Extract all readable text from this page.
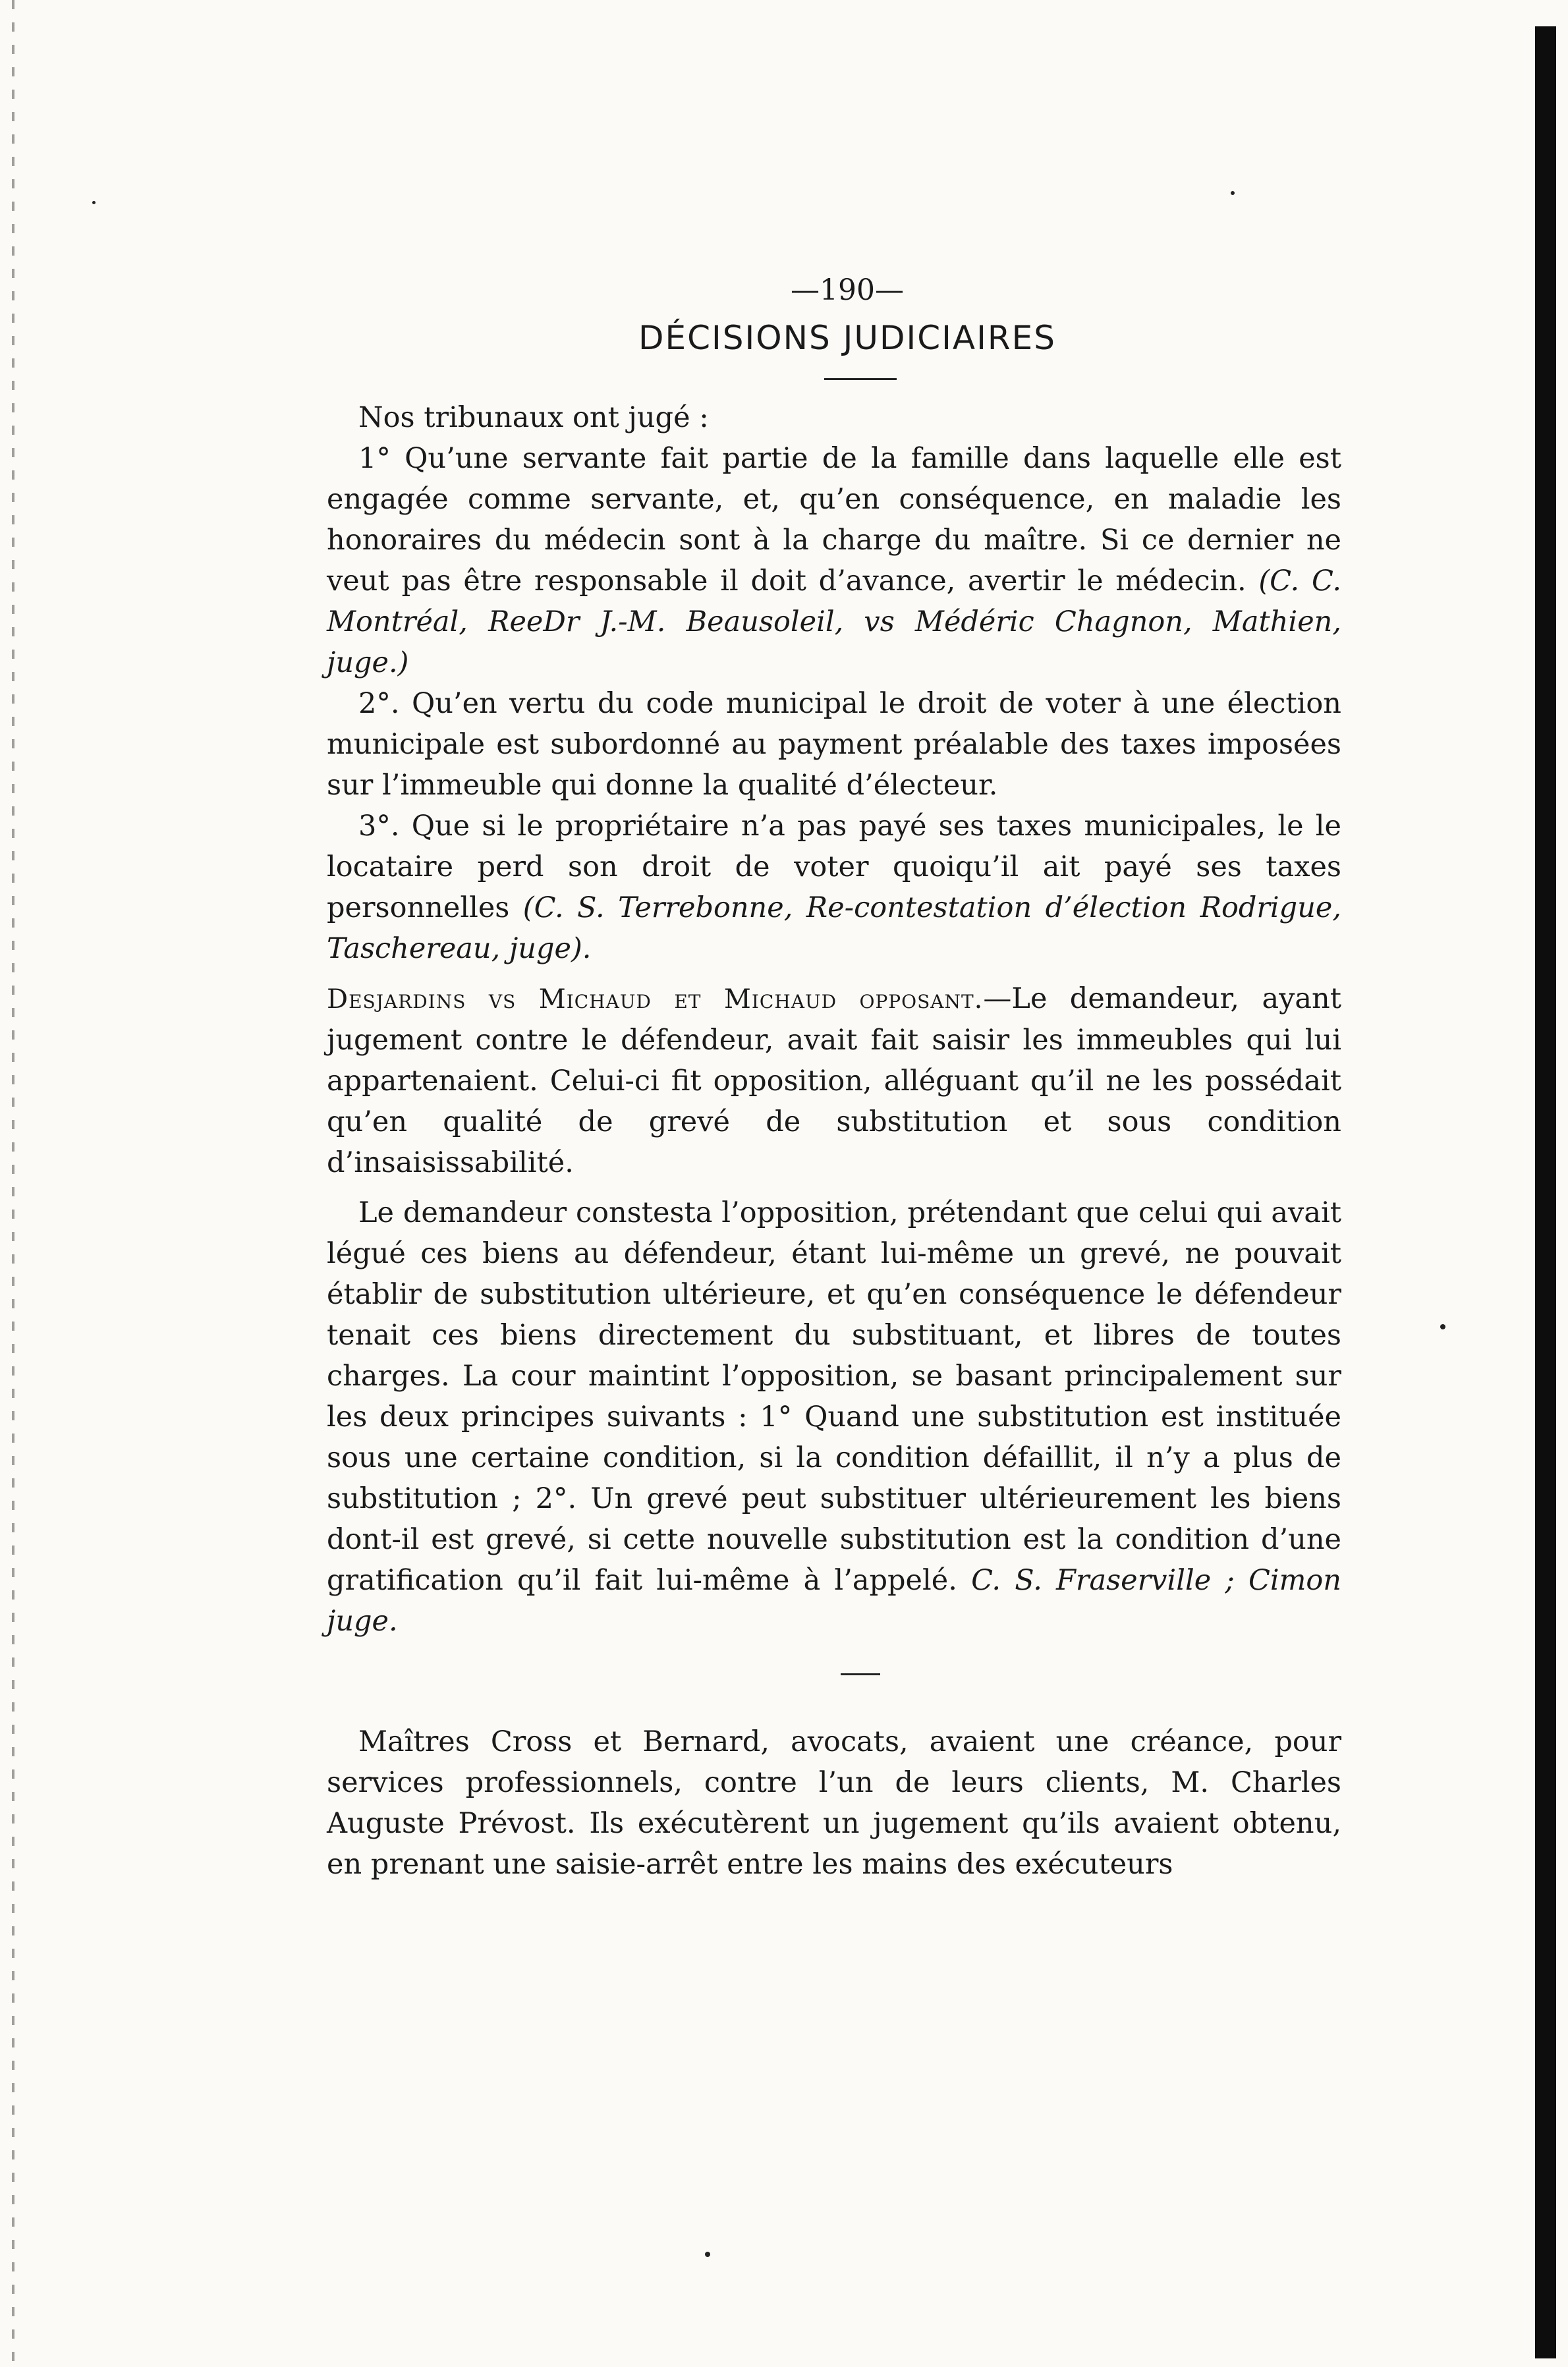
—190—
DÉCISIONS JUDICIAIRES

Nos tribunaux ont jugé :

1° Qu’une servante fait partie de la famille dans laquelle elle est engagée comme servante, et, qu’en conséquence, en maladie les honoraires du médecin sont à la charge du maître. Si ce dernier ne veut pas être responsable il doit d’avance, avertir le médecin. (C. C. Montréal, ReeDr J.-M. Beausoleil, vs Médéric Chagnon, Mathien, juge.)

2°. Qu’en vertu du code municipal le droit de voter à une élection municipale est subordonné au payment préalable des taxes imposées sur l’immeuble qui donne la qualité d’électeur.

3°. Que si le propriétaire n’a pas payé ses taxes municipales, le le locataire perd son droit de voter quoiqu’il ait payé ses taxes personnelles (C. S. Terrebonne, Re-contestation d’élection Rodrigue, Taschereau, juge).

Desjardins vs Michaud et Michaud opposant.—Le demandeur, ayant jugement contre le défendeur, avait fait saisir les immeubles qui lui appartenaient. Celui-ci fit opposition, alléguant qu’il ne les possédait qu’en qualité de grevé de substitution et sous condition d’insaisissabilité.

Le demandeur constesta l’opposition, prétendant que celui qui avait légué ces biens au défendeur, étant lui-même un grevé, ne pouvait établir de substitution ultérieure, et qu’en conséquence le défendeur tenait ces biens directement du substituant, et libres de toutes charges. La cour maintint l’opposition, se basant principalement sur les deux principes suivants : 1° Quand une substitution est instituée sous une certaine condition, si la condition défaillit, il n’y a plus de substitution ; 2°. Un grevé peut substituer ultérieurement les biens dont-il est grevé, si cette nouvelle substitution est la condition d’une gratification qu’il fait lui-même à l’appelé. C. S. Fraserville ; Cimon juge.

Maîtres Cross et Bernard, avocats, avaient une créance, pour services professionnels, contre l’un de leurs clients, M. Charles Auguste Prévost. Ils exécutèrent un jugement qu’ils avaient obtenu, en prenant une saisie-arrêt entre les mains des exécuteurs
